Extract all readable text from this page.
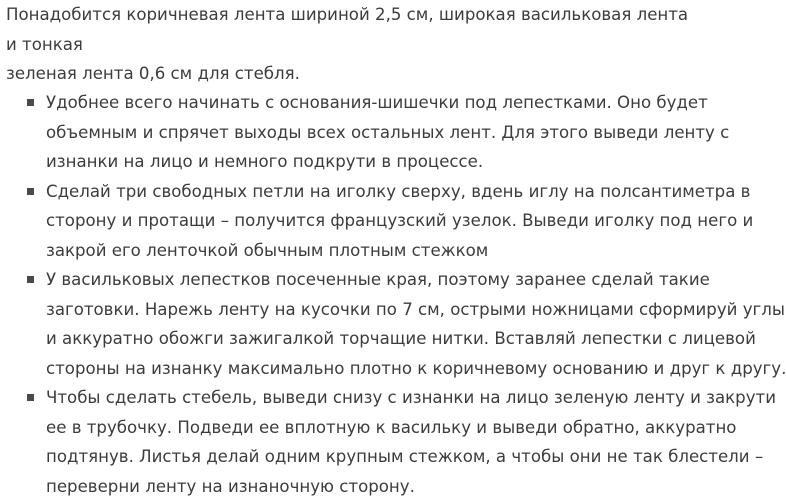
Понадобится коричневая лента шириной 2,5 см, широкая васильковая лента и тонкая
зеленая лента 0,6 см для стебля.

Удобнее всего начинать с основания-шишечки под лепестками. Оно будет
объемным и спрячет выходы всех остальных лент. Для этого выведи ленту с
изнанки на лицо и немного подкрути в процессе.
Сделай три свободных петли на иголку сверху, вдень иглу на полсантиметра в
сторону и протащи – получится французский узелок. Выведи иголку под него и
закрой его ленточкой обычным плотным стежком
У васильковых лепестков посеченные края, поэтому заранее сделай такие
заготовки. Нарежь ленту на кусочки по 7 см, острыми ножницами сформируй углы
и аккуратно обожги зажигалкой торчащие нитки. Вставляй лепестки с лицевой
стороны на изнанку максимально плотно к коричневому основанию и друг к другу.
Чтобы сделать стебель, выведи снизу с изнанки на лицо зеленую ленту и закрути
ее в трубочку. Подведи ее вплотную к васильку и выведи обратно, аккуратно
подтянув. Листья делай одним крупным стежком, а чтобы они не так блестели –
переверни ленту на изнаночную сторону.
